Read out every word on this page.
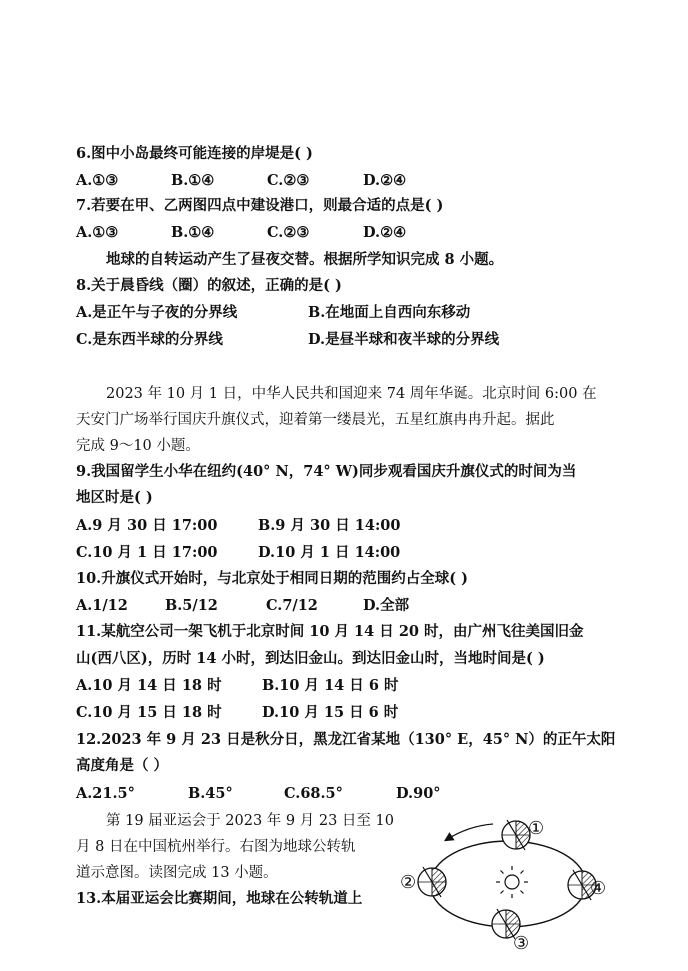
6.图中小岛最终可能连接的岸堤是( )
A.①③	B.①④	C.②③	D.②④
7.若要在甲、乙两图四点中建设港口，则最合适的点是( )
A.①③	B.①④	C.②③	D.②④
地球的自转运动产生了昼夜交替。根据所学知识完成 8 小题。
8.关于晨昏线（圈）的叙述，正确的是( )
A.是正午与子夜的分界线	B.在地面上自西向东移动
C.是东西半球的分界线	D.是昼半球和夜半球的分界线
2023 年 10 月 1 日，中华人民共和国迎来 74 周年华诞。北京时间 6:00 在
天安门广场举行国庆升旗仪式，迎着第一缕晨光，五星红旗冉冉升起。据此
完成 9～10 小题。
9.我国留学生小华在纽约(40° N，74° W)同步观看国庆升旗仪式的时间为当
地区时是( )
A.9 月 30 日 17:00	B.9 月 30 日 14:00
C.10 月 1 日 17:00	D.10 月 1 日 14:00
10.升旗仪式开始时，与北京处于相同日期的范围约占全球( )
A.1/12	B.5/12	C.7/12	D.全部
11.某航空公司一架飞机于北京时间 10 月 14 日 20 时，由广州飞往美国旧金
山(西八区)，历时 14 小时，到达旧金山。到达旧金山时，当地时间是( )
A.10 月 14 日 18 时	B.10 月 14 日 6 时
C.10 月 15 日 18 时	D.10 月 15 日 6 时
12.2023 年 9 月 23 日是秋分日，黑龙江省某地（130° E，45° N）的正午太阳
高度角是（ ）
A.21.5°	B.45°	C.68.5°	D.90°
第 19 届亚运会于 2023 年 9 月 23 日至 10
月 8 日在中国杭州举行。右图为地球公转轨
道示意图。读图完成 13 小题。
13.本届亚运会比赛期间，地球在公转轨道上
①
②
③
④
